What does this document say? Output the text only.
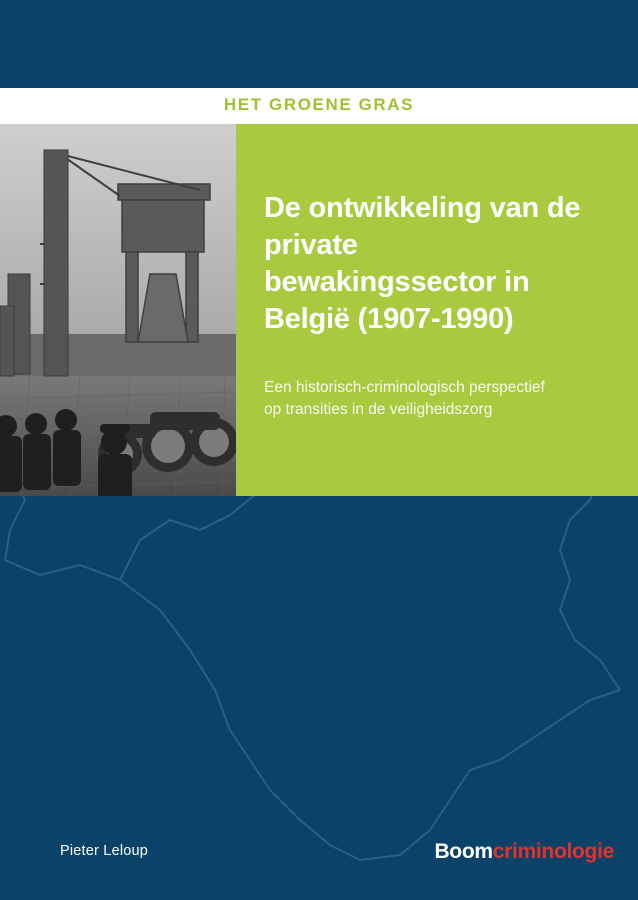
HET GROENE GRAS
De ontwikkeling van de private bewakingssector in België (1907-1990)
Een historisch-criminologisch perspectief op transities in de veiligheidszorg
Pieter Leloup	Boomcriminologie
